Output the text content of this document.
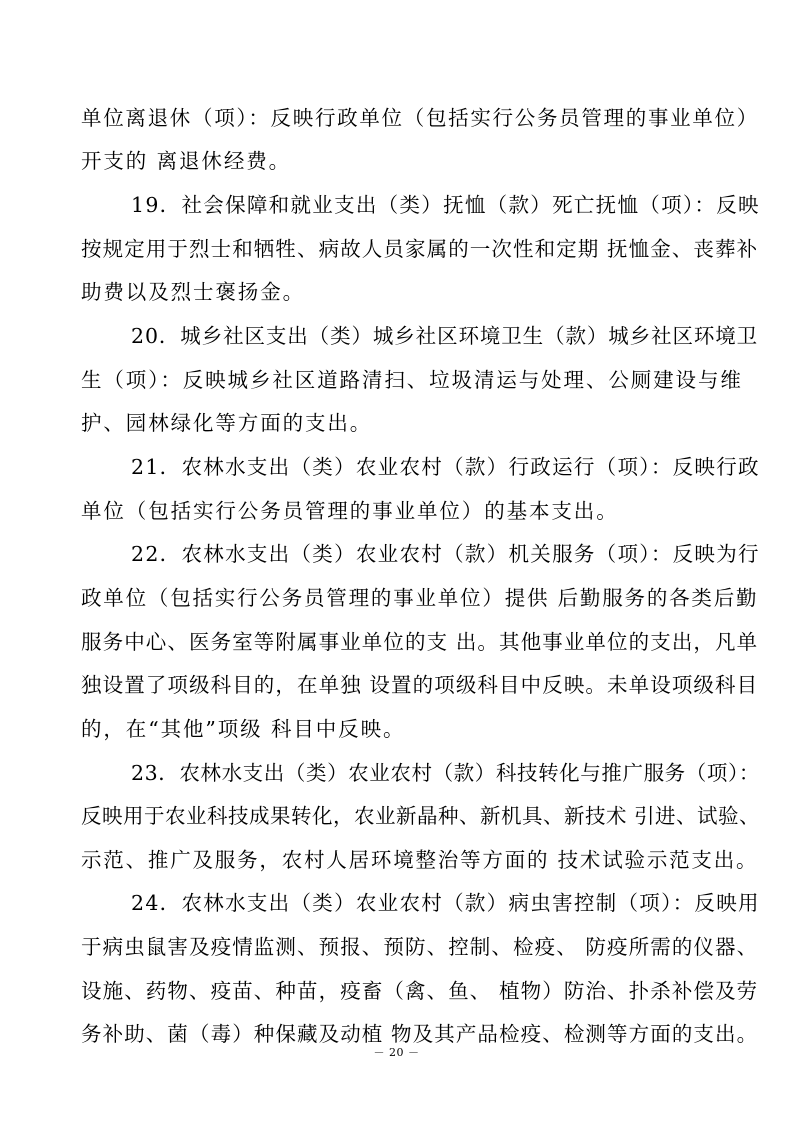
单位离退休（项）：反映行政单位（包括实行公务员管理的事业单位）
开支的 离退休经费。
19．社会保障和就业支出（类）抚恤（款）死亡抚恤（项）：反映
按规定用于烈士和牺牲、病故人员家属的一次性和定期 抚恤金、丧葬补
助费以及烈士褒扬金。
20．城乡社区支出（类）城乡社区环境卫生（款）城乡社区环境卫
生（项）：反映城乡社区道路清扫、垃圾清运与处理、公厕建设与维
护、园林绿化等方面的支出。
21．农林水支出（类）农业农村（款）行政运行（项）：反映行政
单位（包括实行公务员管理的事业单位）的基本支出。
22．农林水支出（类）农业农村（款）机关服务（项）：反映为行
政单位（包括实行公务员管理的事业单位）提供 后勤服务的各类后勤
服务中心、医务室等附属事业单位的支 出。其他事业单位的支出，凡单
独设置了项级科目的，在单独 设置的项级科目中反映。未单设项级科目
的，在“其他”项级 科目中反映。
23．农林水支出（类）农业农村（款）科技转化与推广服务（项）：
反映用于农业科技成果转化，农业新晶种、新机具、新技术 引进、试验、
示范、推广及服务，农村人居环境整治等方面的 技术试验示范支出。
24．农林水支出（类）农业农村（款）病虫害控制（项）：反映用
于病虫鼠害及疫情监测、预报、预防、控制、检疫、 防疫所需的仪器、
设施、药物、疫苗、种苗，疫畜（禽、鱼、 植物）防治、扑杀补偿及劳
务补助、菌（毒）种保藏及动植 物及其产品检疫、检测等方面的支出。
－ 20 －
